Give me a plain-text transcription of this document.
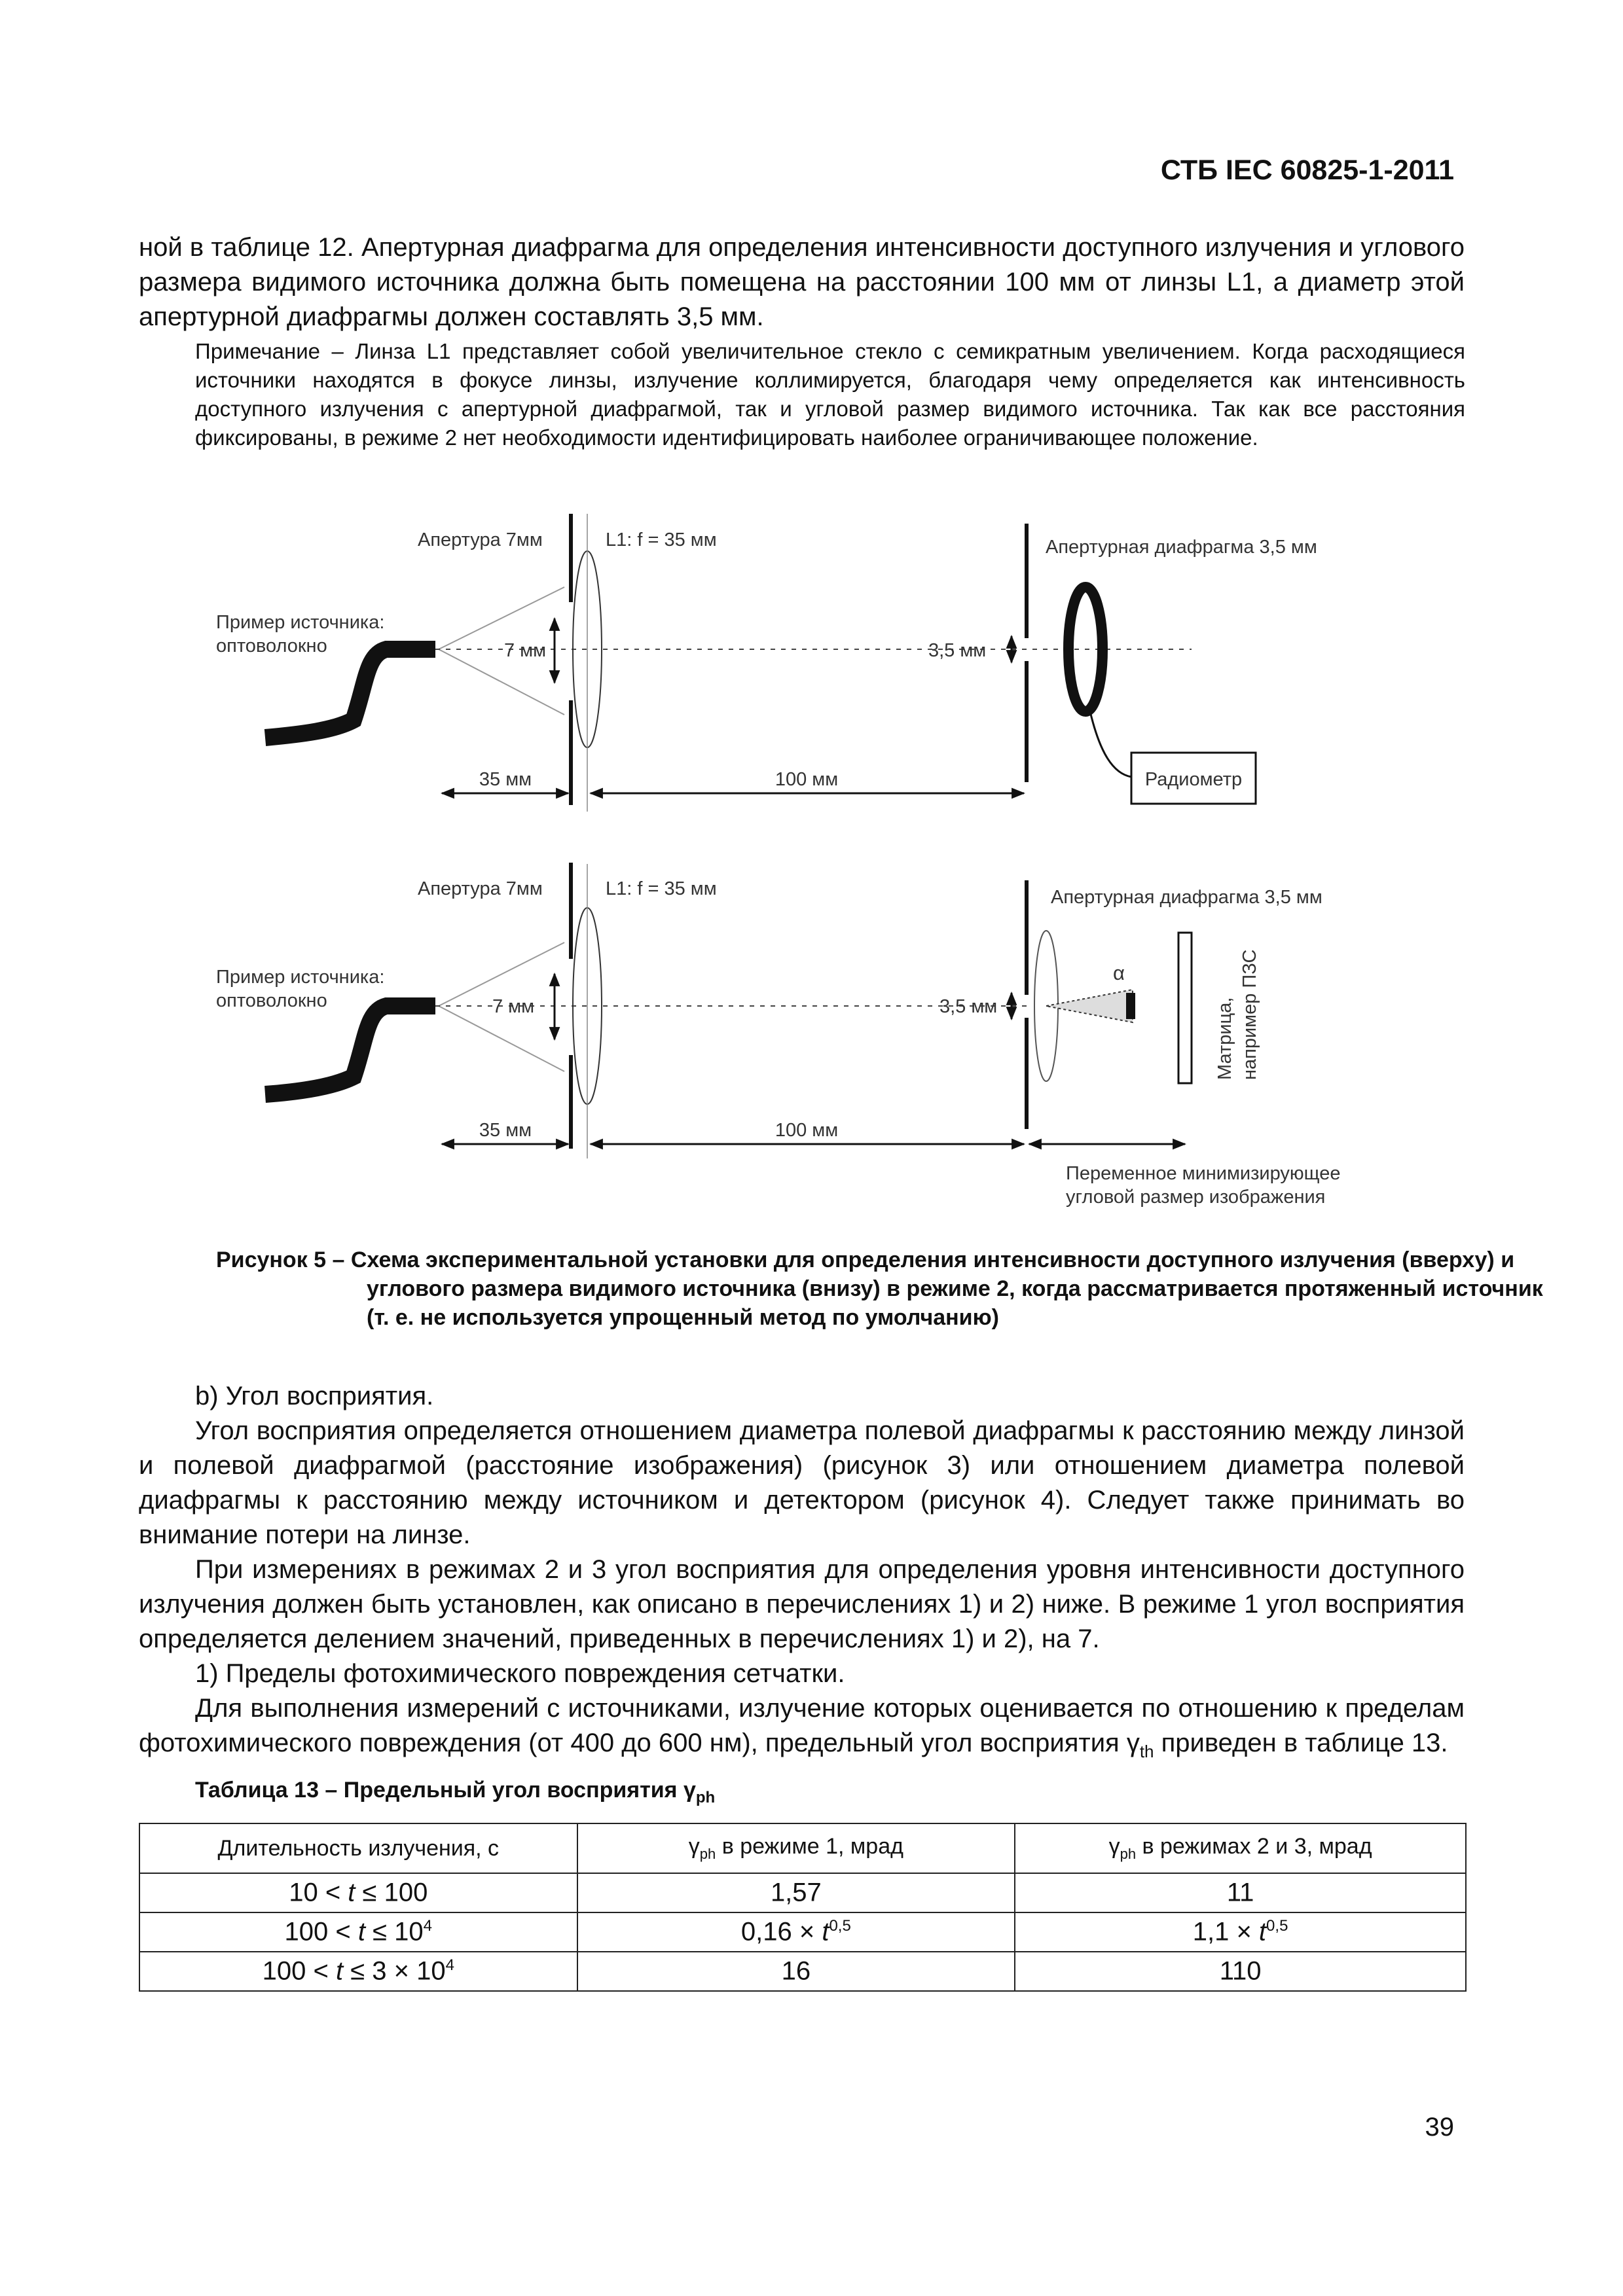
СТБ IEC 60825-1-2011

ной в таблице 12. Апертурная диафрагма для определения интенсивности доступного излучения и углового размера видимого источника должна быть помещена на расстоянии 100 мм от линзы L1, а диаметр этой апертурной диафрагмы должен составлять 3,5 мм.

Примечание – Линза L1 представляет собой увеличительное стекло с семикратным увеличением. Когда расходящиеся источники находятся в фокусе линзы, излучение коллимируется, благодаря чему определяется как интенсивность доступного излучения с апертурной диафрагмой, так и угловой размер видимого источника. Так как все расстояния фиксированы, в режиме 2 нет необходимости идентифицировать наиболее ограничивающее положение.

Апертура 7мм	L1: f = 35 мм	Апертурная диафрагма 3,5 мм
Пример источника:
оптоволокно	7 мм	3,5 мм
Радиометр
35 мм	100 мм
Апертура 7мм	L1: f = 35 мм	Апертурная диафрагма 3,5 мм
Пример источника:
оптоволокно	7 мм	3,5 мм
α
Матрица, например ПЗС
35 мм	100 мм
Переменное минимизирующее
угловой размер изображения

Рисунок 5 – Схема экспериментальной установки для определения интенсивности доступного излучения (вверху) и углового размера видимого источника (внизу) в режиме 2, когда рассматривается протяженный источник (т. е. не используется упрощенный метод по умолчанию)

b) Угол восприятия.

Угол восприятия определяется отношением диаметра полевой диафрагмы к расстоянию между линзой и полевой диафрагмой (расстояние изображения) (рисунок 3) или отношением диаметра полевой диафрагмы к расстоянию между источником и детектором (рисунок 4). Следует также принимать во внимание потери на линзе.

При измерениях в режимах 2 и 3 угол восприятия для определения уровня интенсивности доступного излучения должен быть установлен, как описано в перечислениях 1) и 2) ниже. В режиме 1 угол восприятия определяется делением значений, приведенных в перечислениях 1) и 2), на 7.

1) Пределы фотохимического повреждения сетчатки.

Для выполнения измерений с источниками, излучение которых оценивается по отношению к пределам фотохимического повреждения (от 400 до 600 нм), предельный угол восприятия $\gamma_{th}$ приведен в таблице 13.

Таблица 13 – Предельный угол восприятия $\gamma_{ph}$

Длительность излучения, с	$\gamma_{ph}$ в режиме 1, мрад	$\gamma_{ph}$ в режимах 2 и 3, мрад
10 < t ≤ 100	1,57	11
$100 < t \le 10^4$	$0,16 \times t^{0,5}$	$1,1 \times t^{0,5}$
$100 < t \le 3 \times 10^4$	16	110
39
